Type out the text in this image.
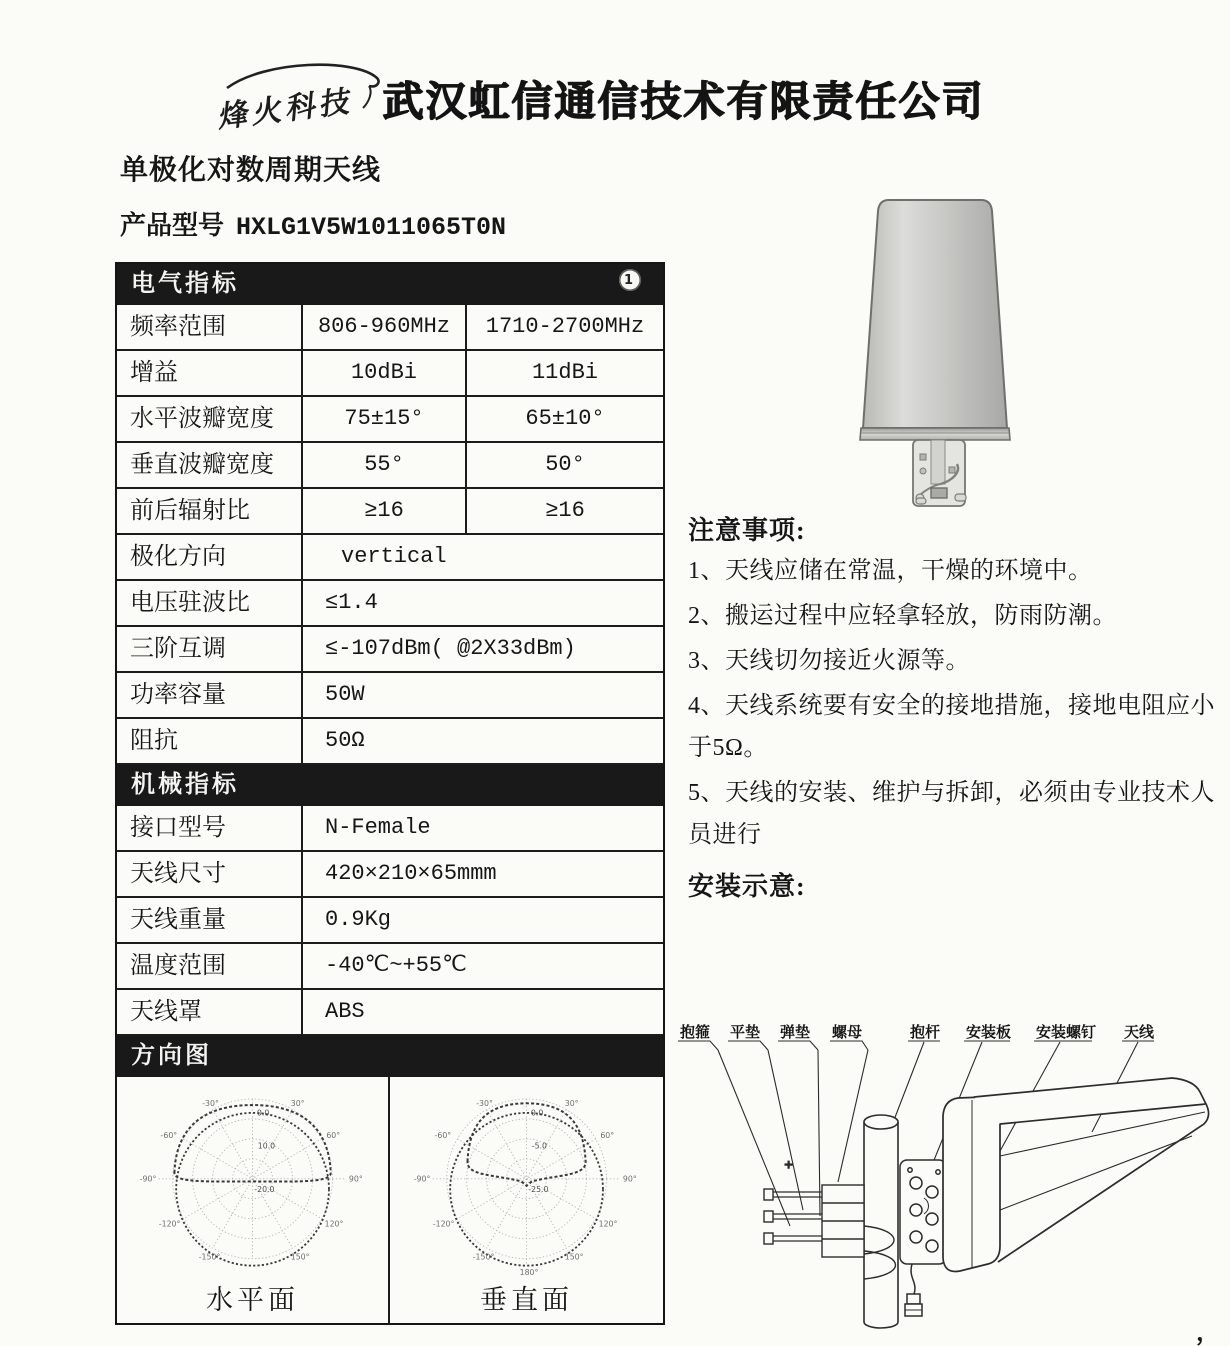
烽火科技 武汉虹信通信技术有限责任公司
单极化对数周期天线
产品型号 HXLG1V5W1011065T0N
电气指标	1
频率范围	806-960MHz	1710-2700MHz
增益	10dBi	11dBi
水平波瓣宽度	75±15°	65±10°
垂直波瓣宽度	55°	50°
前后辐射比	≥16	≥16
极化方向	vertical
电压驻波比	≤1.4
三阶互调	≤-107dBm( @2X33dBm)
功率容量	50W
阻抗	50Ω
机械指标
接口型号	N-Female
天线尺寸	420×210×65mmm
天线重量	0.9Kg
温度范围	-40℃~+55℃
天线罩	ABS
方向图
-30°	30°
-60°	60°
-90°	90°
-120°	120°
-150°	150°
0.0
10.0
-20.0
水平面
-30°	30°
-60°	60°
-90°	90°
-120°	120°
-150°	150°
180°
0.0
-5.0
-25.0
垂直面
注意事项:
1、天线应储在常温，干燥的环境中。
2、搬运过程中应轻拿轻放，防雨防潮。
3、天线切勿接近火源等。
4、天线系统要有安全的接地措施，接地电阻应小于5Ω。
5、天线的安装、维护与拆卸，必须由专业技术人员进行
安装示意:
抱箍 平垫 弹垫 螺母	抱杆 安装板 安装螺钉 天线
+
，
